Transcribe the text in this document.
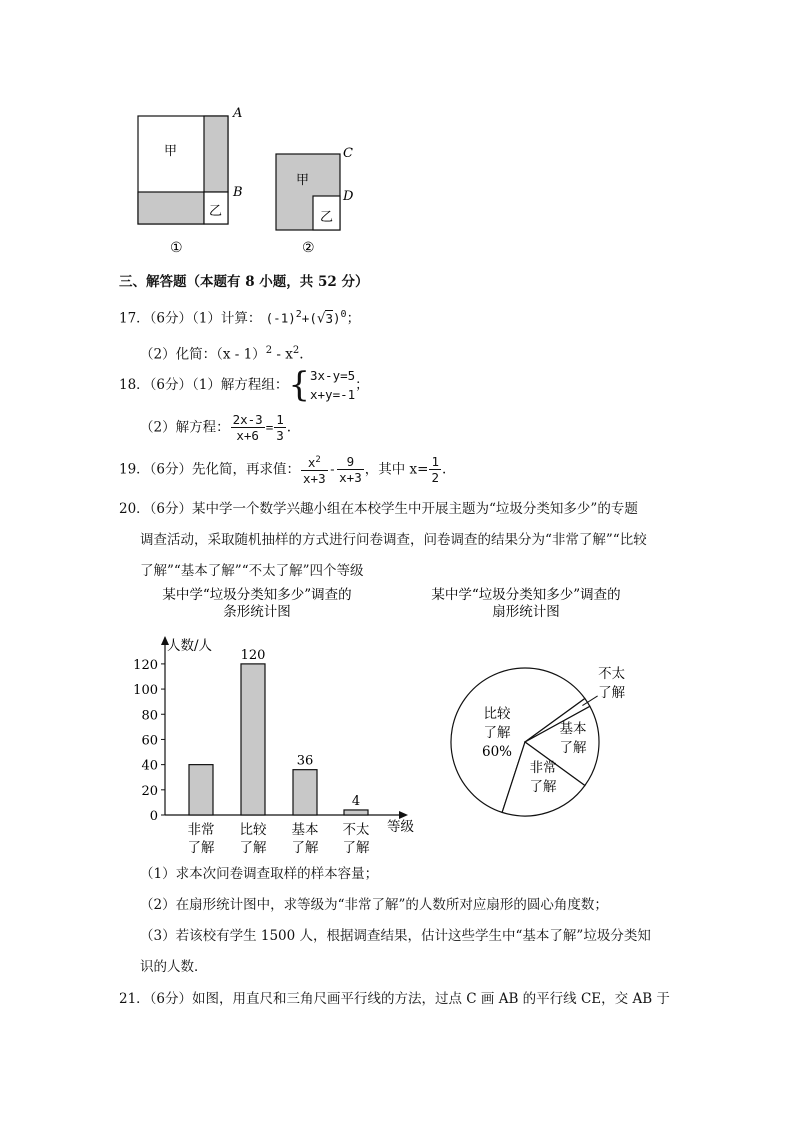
甲
乙
A
B
①
甲
乙
C
D
②
三、解答题（本题有 8 小题，共 52 分）
17．（6分）（1）计算： $(-1)^2+(√3)^0$；
（2）化简：$(x - 1)^2 - x^2$.
18．（6分）（1）解方程组：{ 3x-y=5
x+y=-1
；
（2）解方程： $\frac{2x-3}{x+6} = \frac{1}{3}$ .
19．（6分）先化简，再求值： $\frac{x^2}{x+3} - \frac{9}{x+3}$ ，其中 $x= \frac{1}{2}$ .
20．（6分）某中学一个数学兴趣小组在本校学生中开展主题为“垃圾分类知多少”的专题
调查活动，采取随机抽样的方式进行问卷调查，问卷调查的结果分为“非常了解”“比较
了解”“基本了解”“不太了解”四个等级
某中学“垃圾分类知多少”调查的
条形统计图
人数/人
等级
0
20
40
60
80
100
120
120
36
4
非常
了解
比较
了解
基本
了解
不太
了解
某中学“垃圾分类知多少”调查的
扇形统计图
比较
了解
60%
不太
了解
基本
了解
非常
了解
（1）求本次问卷调查取样的样本容量；
（2）在扇形统计图中，求等级为“非常了解”的人数所对应扇形的圆心角度数；
（3）若该校有学生 1500 人，根据调查结果，估计这些学生中“基本了解”垃圾分类知
识的人数．
21．（6分）如图，用直尺和三角尺画平行线的方法，过点 C 画 AB 的平行线 CE，交 AB 于
